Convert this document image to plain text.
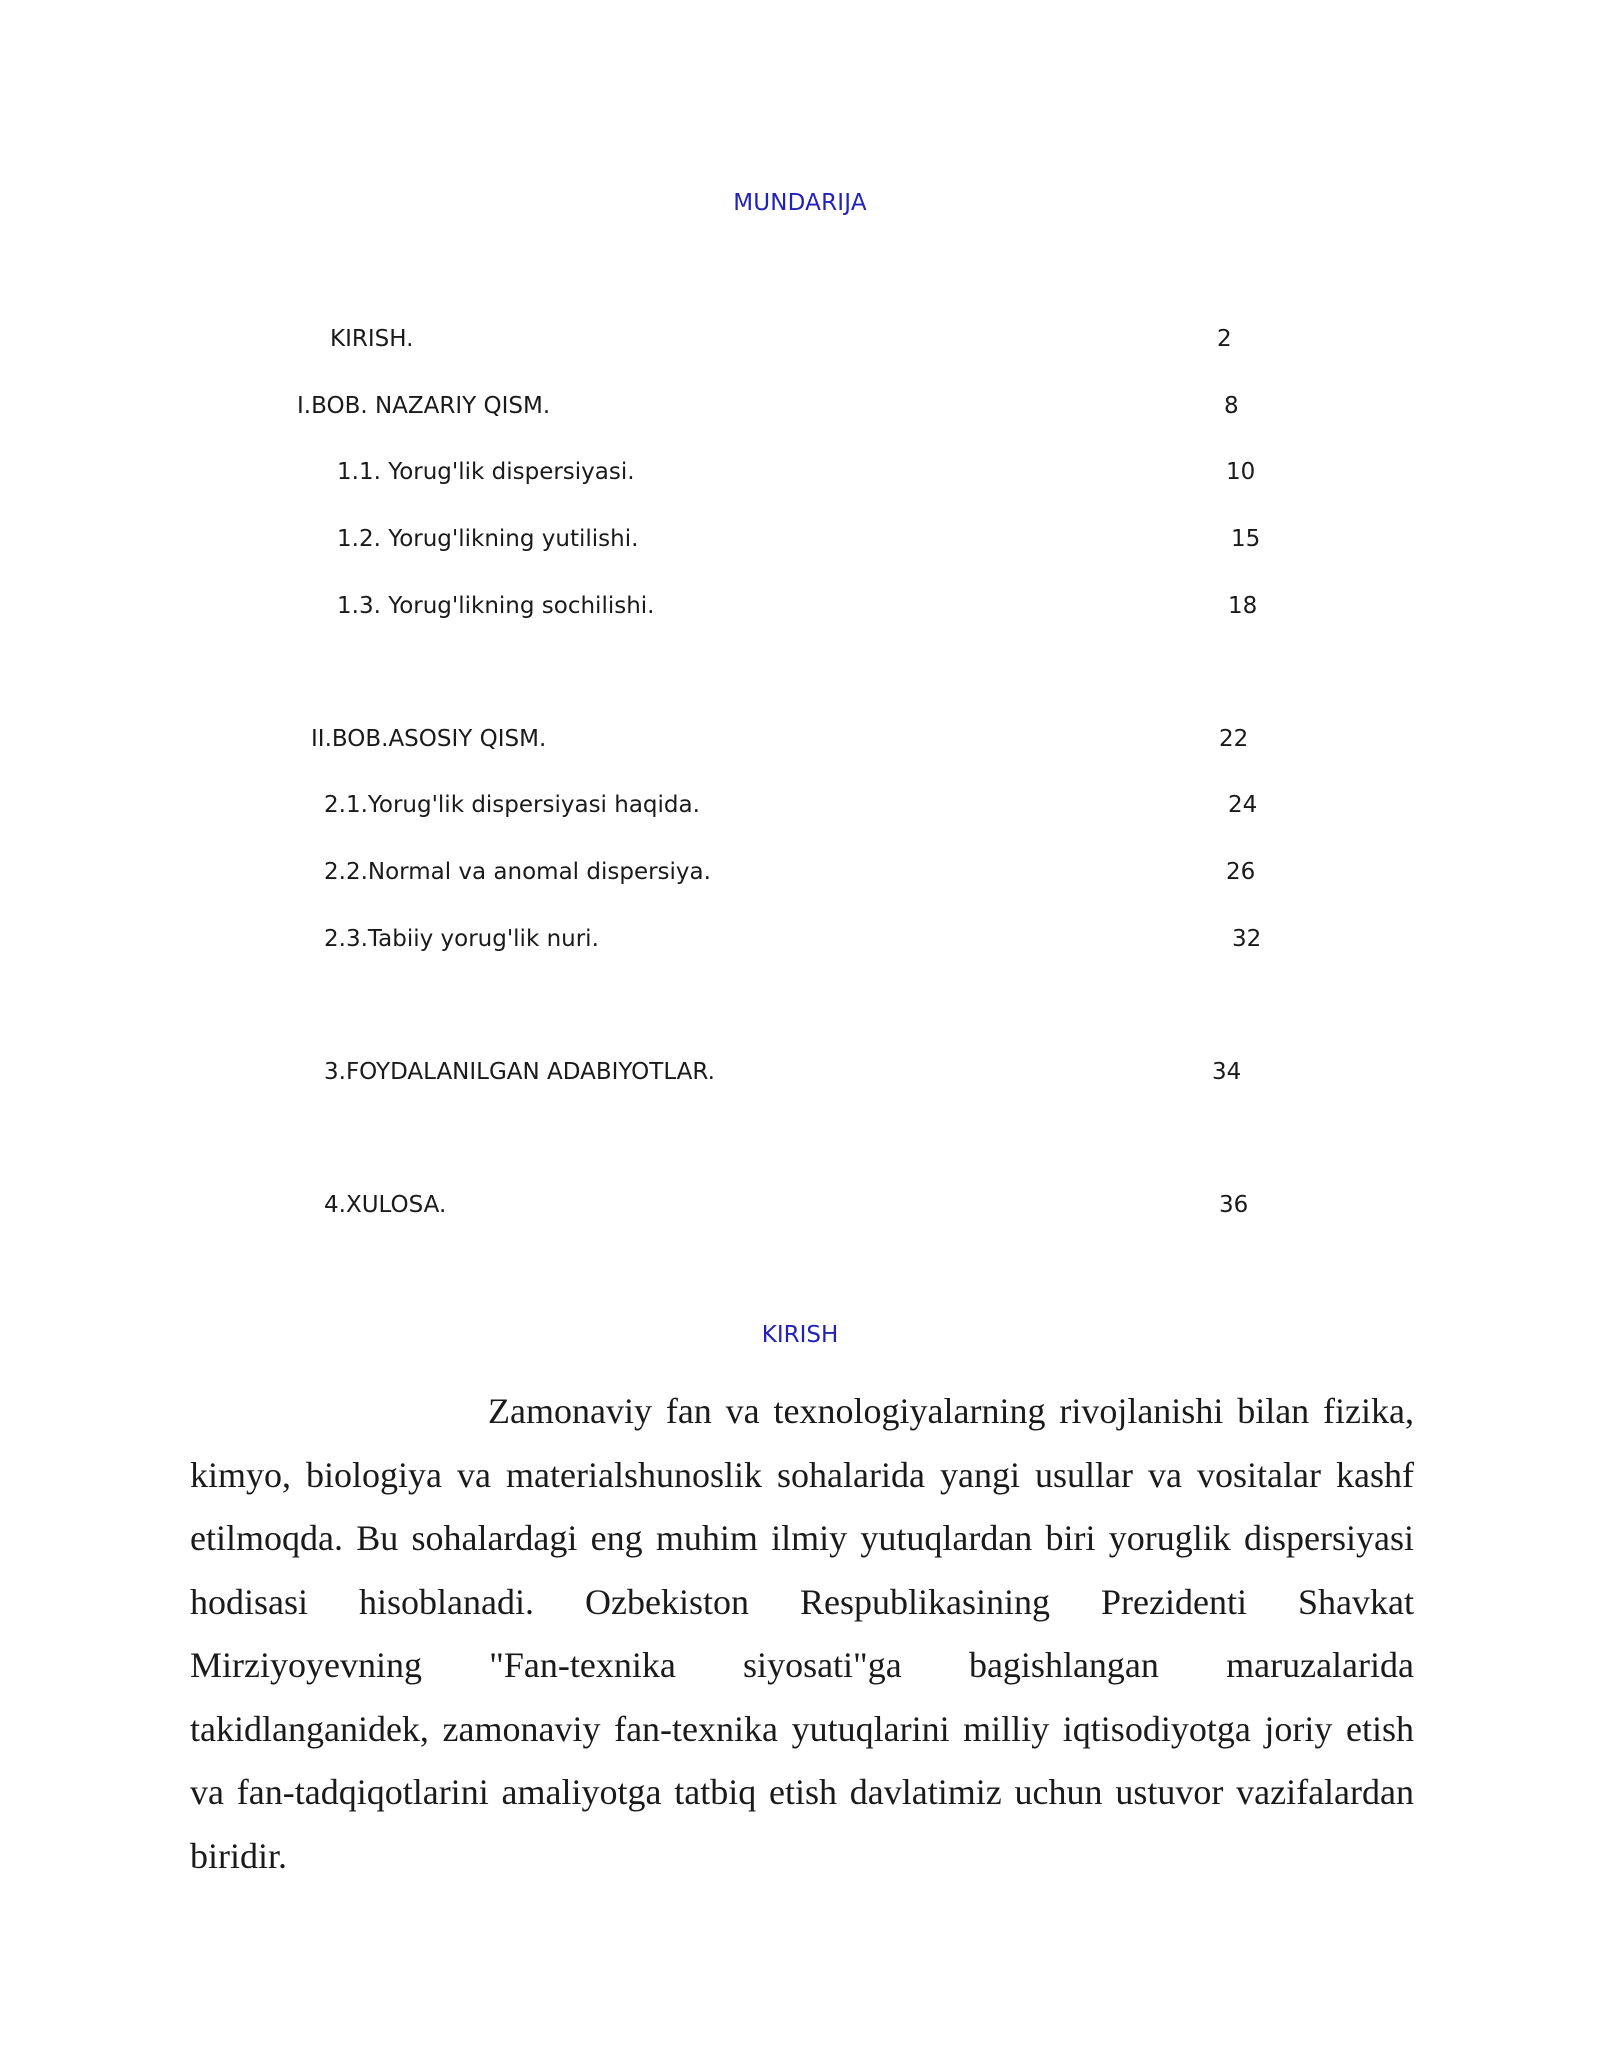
MUNDARIJA
KIRISH.	2
I.BOB. NAZARIY QISM.	8
1.1. Yorug'lik dispersiyasi.	10
1.2. Yorug'likning yutilishi.	15
1.3. Yorug'likning sochilishi.	18
II.BOB.ASOSIY QISM.	22
2.1.Yorug'lik dispersiyasi haqida.	24
2.2.Normal va anomal dispersiya.	26
2.3.Tabiiy yorug'lik nuri.	32
3.FOYDALANILGAN ADABIYOTLAR.	34
4.XULOSA.	36
KIRISH

Zamonaviy fan va texnologiyalarning rivojlanishi bilan fizika, kimyo, biologiya va materialshunoslik sohalarida yangi usullar va vositalar kashf etilmoqda. Bu sohalardagi eng muhim ilmiy yutuqlardan biri yoruglik dispersiyasi hodisasi hisoblanadi. Ozbekiston Respublikasining Prezidenti Shavkat Mirziyoyevning "Fan-texnika siyosati"ga bagishlangan maruzalarida takidlanganidek, zamonaviy fan-texnika yutuqlarini milliy iqtisodiyotga joriy etish va fan-tadqiqotlarini amaliyotga tatbiq etish davlatimiz uchun ustuvor vazifalardan biridir.
